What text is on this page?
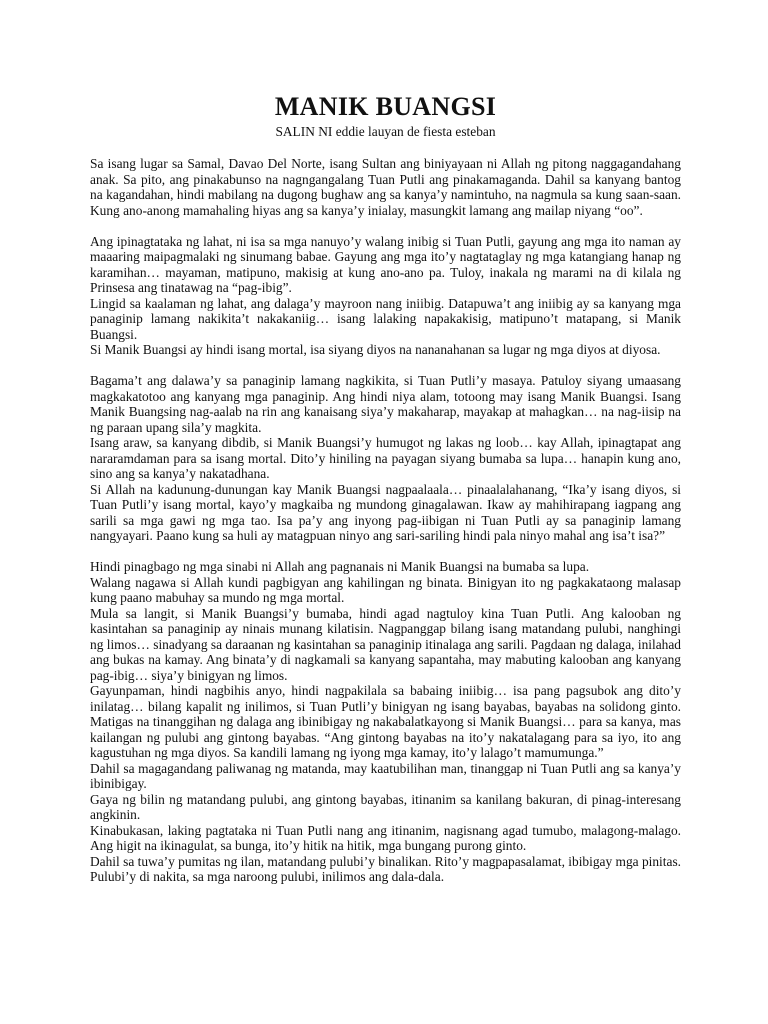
MANIK BUANGSI
SALIN NI eddie lauyan de fiesta esteban

Sa isang lugar sa Samal, Davao Del Norte, isang Sultan ang biniyayaan ni Allah ng pitong naggagandahang anak. Sa pito, ang pinakabunso na nagngangalang Tuan Putli ang pinakamaganda. Dahil sa kanyang bantog na kagandahan, hindi mabilang na dugong bughaw ang sa kanya’y namintuho, na nagmula sa kung saan-saan. Kung ano-anong mamahaling hiyas ang sa kanya’y inialay, masungkit lamang ang mailap niyang “oo”.

Ang ipinagtataka ng lahat, ni isa sa mga nanuyo’y walang inibig si Tuan Putli, gayung ang mga ito naman ay maaaring maipagmalaki ng sinumang babae. Gayung ang mga ito’y nagtataglay ng mga katangiang hanap ng karamihan… mayaman, matipuno, makisig at kung ano-ano pa. Tuloy, inakala ng marami na di kilala ng Prinsesa ang tinatawag na “pag-ibig”.

Lingid sa kaalaman ng lahat, ang dalaga’y mayroon nang iniibig. Datapuwa’t ang iniibig ay sa kanyang mga panaginip lamang nakikita’t nakakaniig… isang lalaking napakakisig, matipuno’t matapang, si Manik Buangsi.

Si Manik Buangsi ay hindi isang mortal, isa siyang diyos na nananahanan sa lugar ng mga diyos at diyosa.

Bagama’t ang dalawa’y sa panaginip lamang nagkikita, si Tuan Putli’y masaya. Patuloy siyang umaasang magkakatotoo ang kanyang mga panaginip. Ang hindi niya alam, totoong may isang Manik Buangsi. Isang Manik Buangsing nag-aalab na rin ang kanaisang siya’y makaharap, mayakap at mahagkan… na nag-iisip na ng paraan upang sila’y magkita.

Isang araw, sa kanyang dibdib, si Manik Buangsi’y humugot ng lakas ng loob… kay Allah, ipinagtapat ang nararamdaman para sa isang mortal. Dito’y hiniling na payagan siyang bumaba sa lupa… hanapin kung ano, sino ang sa kanya’y nakatadhana.

Si Allah na kadunung-dunungan kay Manik Buangsi nagpaalaala… pinaalalahanang, “Ika’y isang diyos, si Tuan Putli’y isang mortal, kayo’y magkaiba ng mundong ginagalawan. Ikaw ay mahihirapang iagpang ang sarili sa mga gawi ng mga tao. Isa pa’y ang inyong pag-iibigan ni Tuan Putli ay sa panaginip lamang nangyayari. Paano kung sa huli ay matagpuan ninyo ang sari-sariling hindi pala ninyo mahal ang isa’t isa?”

Hindi pinagbago ng mga sinabi ni Allah ang pagnanais ni Manik Buangsi na bumaba sa lupa.

Walang nagawa si Allah kundi pagbigyan ang kahilingan ng binata. Binigyan ito ng pagkakataong malasap kung paano mabuhay sa mundo ng mga mortal.

Mula sa langit, si Manik Buangsi’y bumaba, hindi agad nagtuloy kina Tuan Putli. Ang kalooban ng kasintahan sa panaginip ay ninais munang kilatisin. Nagpanggap bilang isang matandang pulubi, nanghingi ng limos… sinadyang sa daraanan ng kasintahan sa panaginip itinalaga ang sarili. Pagdaan ng dalaga, inilahad ang bukas na kamay. Ang binata’y di nagkamali sa kanyang sapantaha, may mabuting kalooban ang kanyang pag-ibig… siya’y binigyan ng limos.

Gayunpaman, hindi nagbihis anyo, hindi nagpakilala sa babaing iniibig… isa pang pagsubok ang dito’y inilatag… bilang kapalit ng inilimos, si Tuan Putli’y binigyan ng isang bayabas, bayabas na solidong ginto. Matigas na tinanggihan ng dalaga ang ibinibigay ng nakabalatkayong si Manik Buangsi… para sa kanya, mas kailangan ng pulubi ang gintong bayabas. “Ang gintong bayabas na ito’y nakatalagang para sa iyo, ito ang kagustuhan ng mga diyos. Sa kandili lamang ng iyong mga kamay, ito’y lalago’t mamumunga.”

Dahil sa magagandang paliwanag ng matanda, may kaatubilihan man, tinanggap ni Tuan Putli ang sa kanya’y ibinibigay.

Gaya ng bilin ng matandang pulubi, ang gintong bayabas, itinanim sa kanilang bakuran, di pinag-interesang angkinin.

Kinabukasan, laking pagtataka ni Tuan Putli nang ang itinanim, nagisnang agad tumubo, malagong-malago. Ang higit na ikinagulat, sa bunga, ito’y hitik na hitik, mga bungang purong ginto.

Dahil sa tuwa’y pumitas ng ilan, matandang pulubi’y binalikan. Rito’y magpapasalamat, ibibigay mga pinitas. Pulubi’y di nakita, sa mga naroong pulubi, inilimos ang dala-dala.
